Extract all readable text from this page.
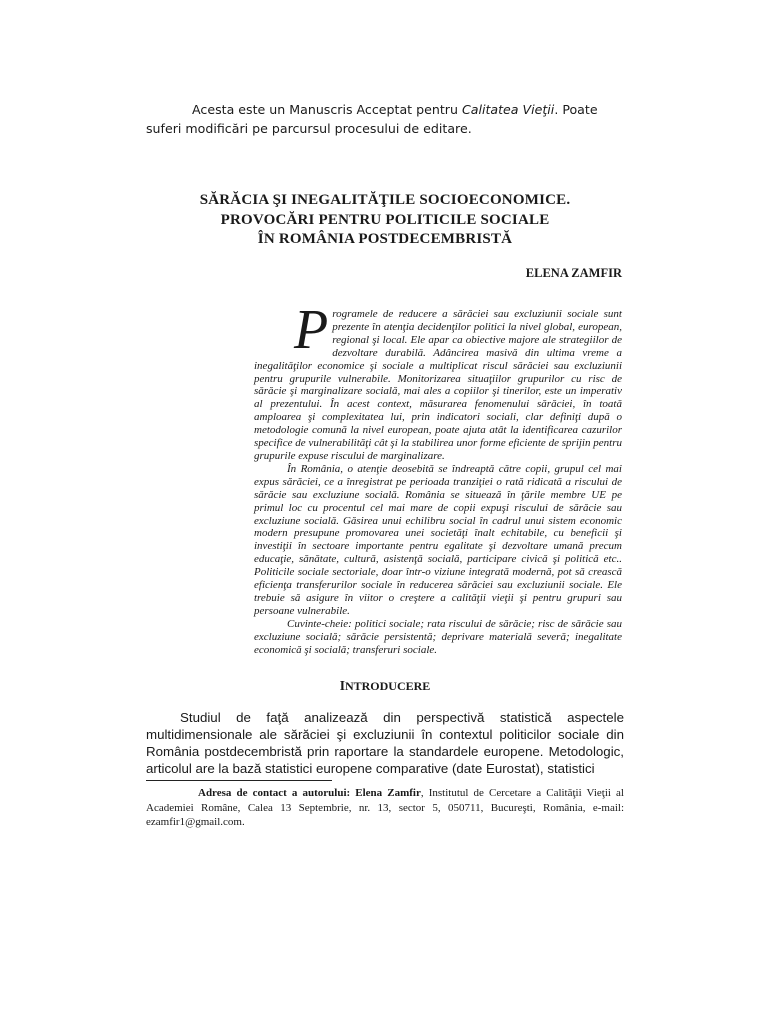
Acesta este un Manuscris Acceptat pentru Calitatea Vieţii. Poate suferi modificări pe parcursul procesului de editare.

SĂRĂCIA ŞI INEGALITĂŢILE SOCIOECONOMICE.
PROVOCĂRI PENTRU POLITICILE SOCIALE
ÎN ROMÂNIA POSTDECEMBRISTĂ
ELENA ZAMFIR

Programele de reducere a sărăciei sau excluziunii sociale sunt prezente în atenţia decidenţilor politici la nivel global, european, regional şi local. Ele apar ca obiective majore ale strategiilor de dezvoltare durabilă. Adâncirea masivă din ultima vreme a inegalităţilor economice şi sociale a multiplicat riscul sărăciei sau excluziunii pentru grupurile vulnerabile. Monitorizarea situaţiilor grupurilor cu risc de sărăcie şi marginalizare socială, mai ales a copiilor şi tinerilor, este un imperativ al prezentului. În acest context, măsurarea fenomenului sărăciei, în toată amploarea şi complexitatea lui, prin indicatori sociali, clar definiţi după o metodologie comună la nivel european, poate ajuta atât la identificarea cazurilor specifice de vulnerabilităţi cât şi la stabilirea unor forme eficiente de sprijin pentru grupurile expuse riscului de marginalizare.

În România, o atenţie deosebită se îndreaptă către copii, grupul cel mai expus sărăciei, ce a înregistrat pe perioada tranziţiei o rată ridicată a riscului de sărăcie sau excluziune socială. România se situează în ţările membre UE pe primul loc cu procentul cel mai mare de copii expuşi riscului de sărăcie sau excluziune socială. Găsirea unui echilibru social în cadrul unui sistem economic modern presupune promovarea unei societăţi înalt echitabile, cu beneficii şi investiţii în sectoare importante pentru egalitate şi dezvoltare umană precum educaţie, sănătate, cultură, asistenţă socială, participare civică şi politică etc.. Politicile sociale sectoriale, doar într-o viziune integrată modernă, pot să crească eficienţa transferurilor sociale în reducerea sărăciei sau excluziunii sociale. Ele trebuie să asigure în viitor o creştere a calităţii vieţii şi pentru grupuri sau persoane vulnerabile.

Cuvinte-cheie: politici sociale; rata riscului de sărăcie; risc de sărăcie sau excluziune socială; sărăcie persistentă; deprivare materială severă; inegalitate economică şi socială; transferuri sociale.

INTRODUCERE

Studiul de faţă analizează din perspectivă statistică aspectele multidimensionale ale sărăciei şi excluziunii în contextul politicilor sociale din România postdecembristă prin raportare la standardele europene. Metodologic, articolul are la bază statistici europene comparative (date Eurostat), statistici

Adresa de contact a autorului: Elena Zamfir, Institutul de Cercetare a Calităţii Vieţii al Academiei Române, Calea 13 Septembrie, nr. 13, sector 5, 050711, Bucureşti, România, e-mail: ezamfir1@gmail.com.
